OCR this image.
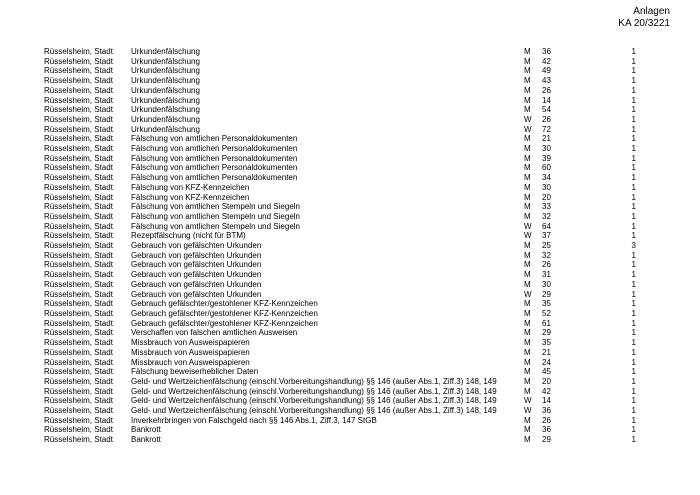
Anlagen
KA 20/3221
Rüsselsheim, Stadt	Urkundenfälschung	M	36	1
Rüsselsheim, Stadt	Urkundenfälschung	M	42	1
Rüsselsheim, Stadt	Urkundenfälschung	M	49	1
Rüsselsheim, Stadt	Urkundenfälschung	M	43	1
Rüsselsheim, Stadt	Urkundenfälschung	M	26	1
Rüsselsheim, Stadt	Urkundenfälschung	M	14	1
Rüsselsheim, Stadt	Urkundenfälschung	M	54	1
Rüsselsheim, Stadt	Urkundenfälschung	W	26	1
Rüsselsheim, Stadt	Urkundenfälschung	W	72	1
Rüsselsheim, Stadt	Fälschung von amtlichen Personaldokumenten	M	21	1
Rüsselsheim, Stadt	Fälschung von amtlichen Personaldokumenten	M	30	1
Rüsselsheim, Stadt	Fälschung von amtlichen Personaldokumenten	M	39	1
Rüsselsheim, Stadt	Fälschung von amtlichen Personaldokumenten	M	60	1
Rüsselsheim, Stadt	Fälschung von amtlichen Personaldokumenten	M	34	1
Rüsselsheim, Stadt	Fälschung von KFZ-Kennzeichen	M	30	1
Rüsselsheim, Stadt	Fälschung von KFZ-Kennzeichen	M	20	1
Rüsselsheim, Stadt	Fälschung von amtlichen Stempeln und Siegeln	M	33	1
Rüsselsheim, Stadt	Fälschung von amtlichen Stempeln und Siegeln	M	32	1
Rüsselsheim, Stadt	Fälschung von amtlichen Stempeln und Siegeln	W	64	1
Rüsselsheim, Stadt	Rezeptfälschung (nicht für BTM)	W	37	1
Rüsselsheim, Stadt	Gebrauch von gefälschten Urkunden	M	25	3
Rüsselsheim, Stadt	Gebrauch von gefälschten Urkunden	M	32	1
Rüsselsheim, Stadt	Gebrauch von gefälschten Urkunden	M	26	1
Rüsselsheim, Stadt	Gebrauch von gefälschten Urkunden	M	31	1
Rüsselsheim, Stadt	Gebrauch von gefälschten Urkunden	M	30	1
Rüsselsheim, Stadt	Gebrauch von gefälschten Urkunden	W	29	1
Rüsselsheim, Stadt	Gebrauch gefälschter/gestohlener KFZ-Kennzeichen	M	35	1
Rüsselsheim, Stadt	Gebrauch gefälschter/gestohlener KFZ-Kennzeichen	M	52	1
Rüsselsheim, Stadt	Gebrauch gefälschter/gestohlener KFZ-Kennzeichen	M	61	1
Rüsselsheim, Stadt	Verschaffen von falschen amtlichen Ausweisen	M	29	1
Rüsselsheim, Stadt	Missbrauch von Ausweispapieren	M	35	1
Rüsselsheim, Stadt	Missbrauch von Ausweispapieren	M	21	1
Rüsselsheim, Stadt	Missbrauch von Ausweispapieren	M	24	1
Rüsselsheim, Stadt	Fälschung beweiserheblicher Daten	M	45	1
Rüsselsheim, Stadt	Geld- und Wertzeichenfälschung (einschl.Vorbereitungshandlung) §§ 146 (außer Abs.1, Ziff.3) 148, 149	M	20	1
Rüsselsheim, Stadt	Geld- und Wertzeichenfälschung (einschl.Vorbereitungshandlung) §§ 146 (außer Abs.1, Ziff.3) 148, 149	M	42	1
Rüsselsheim, Stadt	Geld- und Wertzeichenfälschung (einschl.Vorbereitungshandlung) §§ 146 (außer Abs.1, Ziff.3) 148, 149	W	14	1
Rüsselsheim, Stadt	Geld- und Wertzeichenfälschung (einschl.Vorbereitungshandlung) §§ 146 (außer Abs.1, Ziff.3) 148, 149	W	36	1
Rüsselsheim, Stadt	Inverkehrbringen von Falschgeld nach §§ 146 Abs.1, Ziff.3, 147 StGB	M	26	1
Rüsselsheim, Stadt	Bankrott	M	36	1
Rüsselsheim, Stadt	Bankrott	M	29	1
